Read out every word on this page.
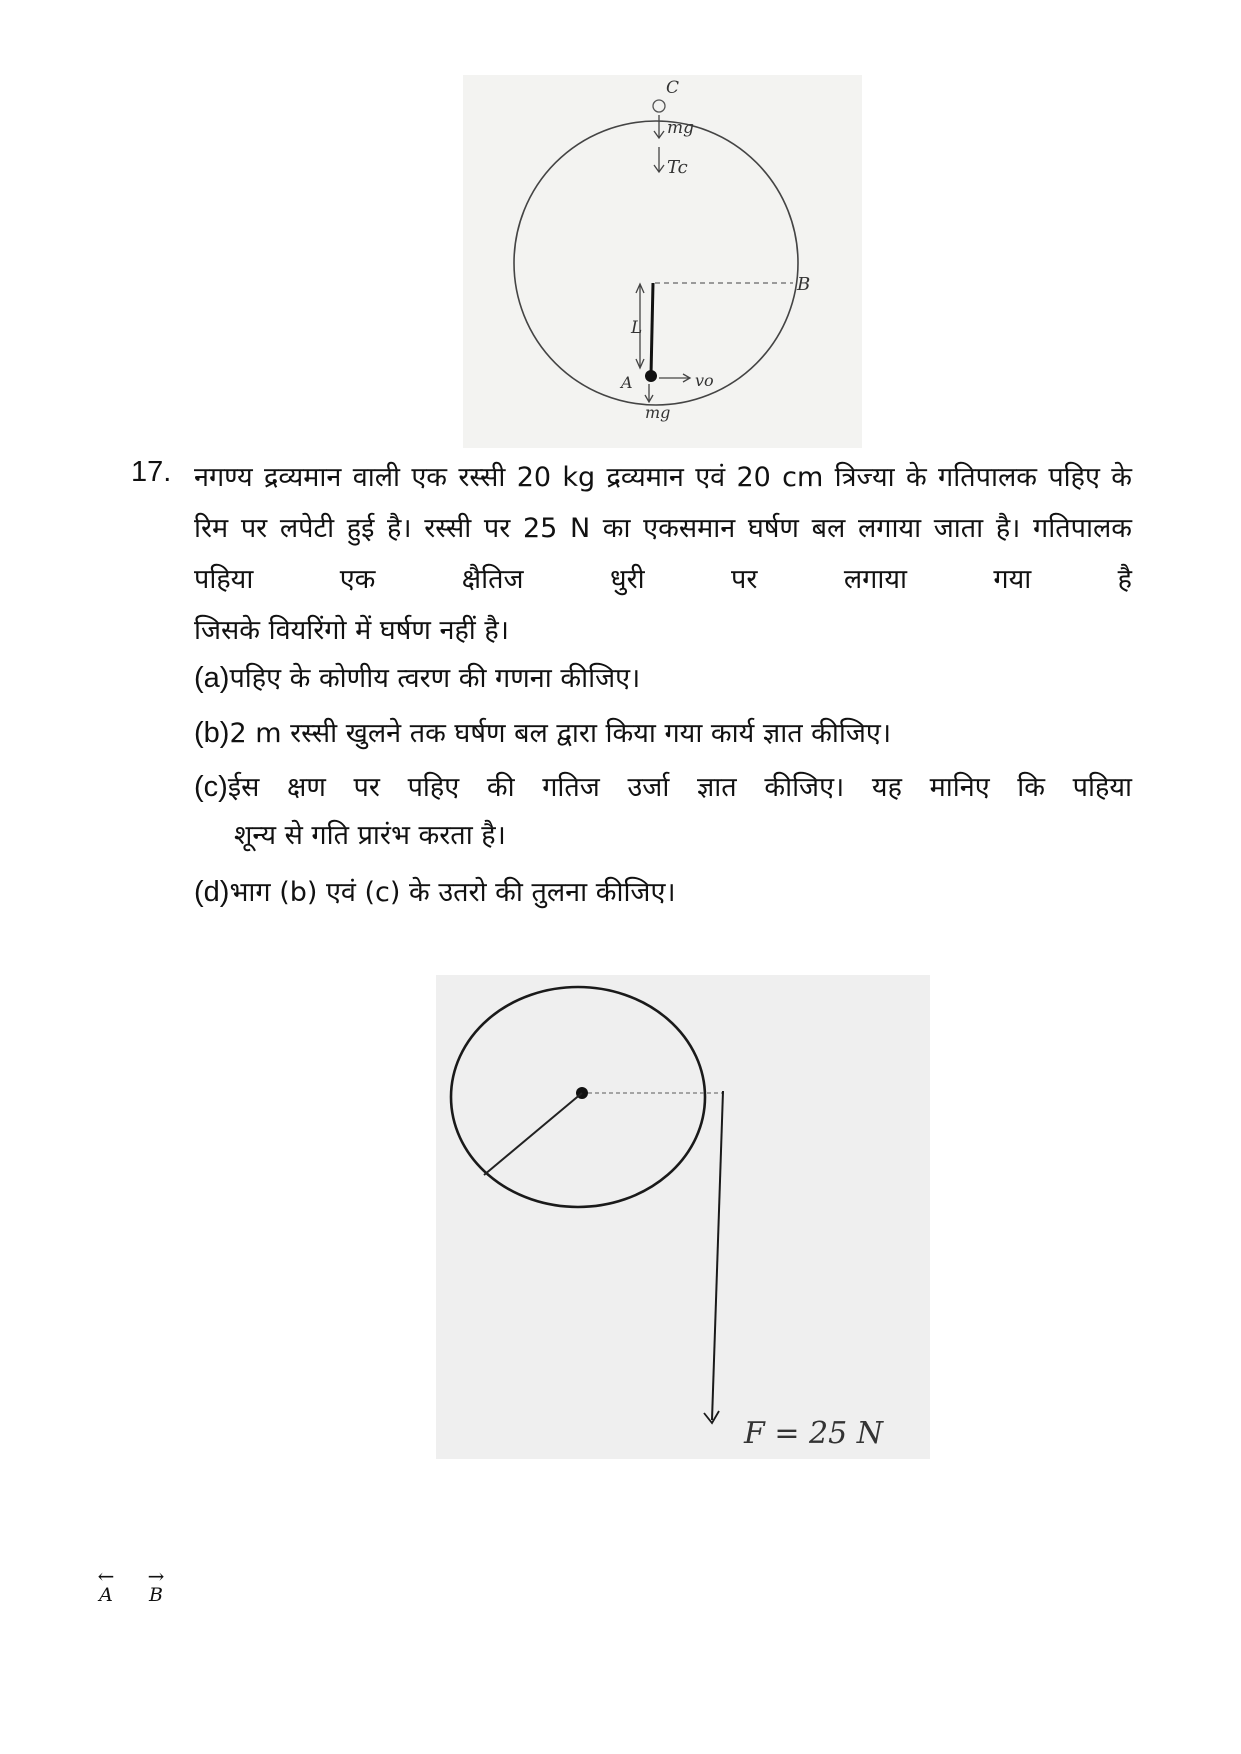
C
mg
Tc
B
L
A	vo
mg
17. नगण्य द्रव्यमान वाली एक रस्सी 20 kg द्रव्यमान एवं 20 cm त्रिज्या के गतिपालक पहिए के रिम पर लपेटी हुई है। रस्सी पर 25 N का एकसमान घर्षण बल लगाया जाता है। गतिपालक पहिया एक क्षैतिज धुरी पर लगाया गया है
जिसके वियरिंगो में घर्षण नहीं है।
(a)पहिए के कोणीय त्वरण की गणना कीजिए।
(b)2 m रस्सी खुलने तक घर्षण बल द्वारा किया गया कार्य ज्ञात कीजिए।
(c)ईस क्षण पर पहिए की गतिज उर्जा ज्ञात कीजिए। यह मानिए कि पहिया
शून्य से गति प्रारंभ करता है।
(d)भाग (b) एवं (c) के उतरो की तुलना कीजिए।
F = 25 N
←
A
→
B
